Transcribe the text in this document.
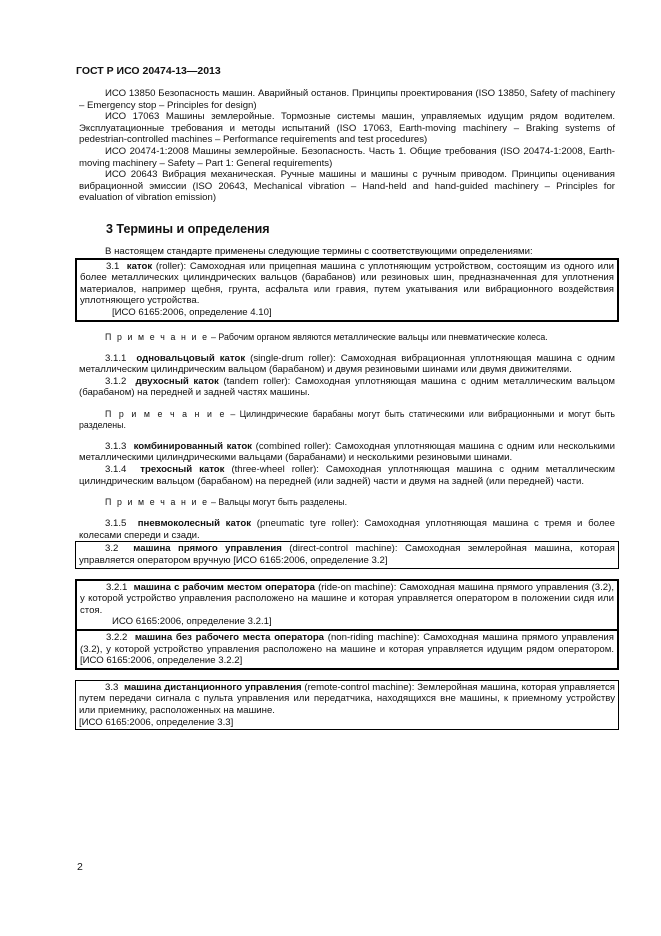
ГОСТ Р ИСО 20474-13—2013

ИСО 13850 Безопасность машин. Аварийный останов. Принципы проектирования (ISO 13850, Safety of machinery – Emergency stop – Principles for design)

ИСО 17063 Машины землеройные. Тормозные системы машин, управляемых идущим рядом водителем. Эксплуатационные требования и методы испытаний (ISO 17063, Earth-moving machinery – Braking systems of pedestrian-controlled machines – Performance requirements and test procedures)

ИСО 20474-1:2008 Машины землеройные. Безопасность. Часть 1. Общие требования (ISO 20474-1:2008, Earth-moving machinery – Safety – Part 1: General requirements)

ИСО 20643 Вибрация механическая. Ручные машины и машины с ручным приводом. Принципы оценивания вибрационной эмиссии (ISO 20643, Mechanical vibration – Hand-held and hand-guided machinery – Principles for evaluation of vibration emission)

3 Термины и определения

В настоящем стандарте применены следующие термины с соответствующими определениями:

3.1 каток (roller): Самоходная или прицепная машина с уплотняющим устройством, состоящим из одного или более металлических цилиндрических вальцов (барабанов) или резиновых шин, предназначенная для уплотнения материалов, например щебня, грунта, асфальта или гравия, путем укатывания или вибрационного воздействия уплотняющего устройства.

[ИСО 6165:2006, определение 4.10]

П р и м е ч а н и е – Рабочим органом являются металлические вальцы или пневматические колеса.

3.1.1 одновальцовый каток (single-drum roller): Самоходная вибрационная уплотняющая машина с одним металлическим цилиндрическим вальцом (барабаном) и двумя резиновыми шинами или двумя движителями.

3.1.2 двухосный каток (tandem roller): Самоходная уплотняющая машина с одним металлическим вальцом (барабаном) на передней и задней частях машины.

П р и м е ч а н и е – Цилиндрические барабаны могут быть статическими или вибрационными и могут быть разделены.

3.1.3 комбинированный каток (combined roller): Самоходная уплотняющая машина с одним или несколькими металлическими цилиндрическими вальцами (барабанами) и несколькими резиновыми шинами.

3.1.4 трехосный каток (three-wheel roller): Самоходная уплотняющая машина с одним металлическим цилиндрическим вальцом (барабаном) на передней (или задней) части и двумя на задней (или передней) части.

П р и м е ч а н и е – Вальцы могут быть разделены.

3.1.5 пневмоколесный каток (pneumatic tyre roller): Самоходная уплотняющая машина с тремя и более колесами спереди и сзади.

3.2 машина прямого управления (direct-control machine): Самоходная землеройная машина, которая управляется оператором вручную [ИСО 6165:2006, определение 3.2]

3.2.1 машина с рабочим местом оператора (ride-on machine): Самоходная машина прямого управления (3.2), у которой устройство управления расположено на машине и которая управляется оператором в положении сидя или стоя.

ИСО 6165:2006, определение 3.2.1]

3.2.2 машина без рабочего места оператора (non-riding machine): Самоходная машина прямого управления (3.2), у которой устройство управления расположено на машине и которая управляется идущим рядом оператором. [ИСО 6165:2006, определение 3.2.2]

3.3 машина дистанционного управления (remote-control machine): Землеройная машина, которая управляется путем передачи сигнала с пульта управления или передатчика, находящихся вне машины, к приемному устройству или приемнику, расположенных на машине.

[ИСО 6165:2006, определение 3.3]

2
